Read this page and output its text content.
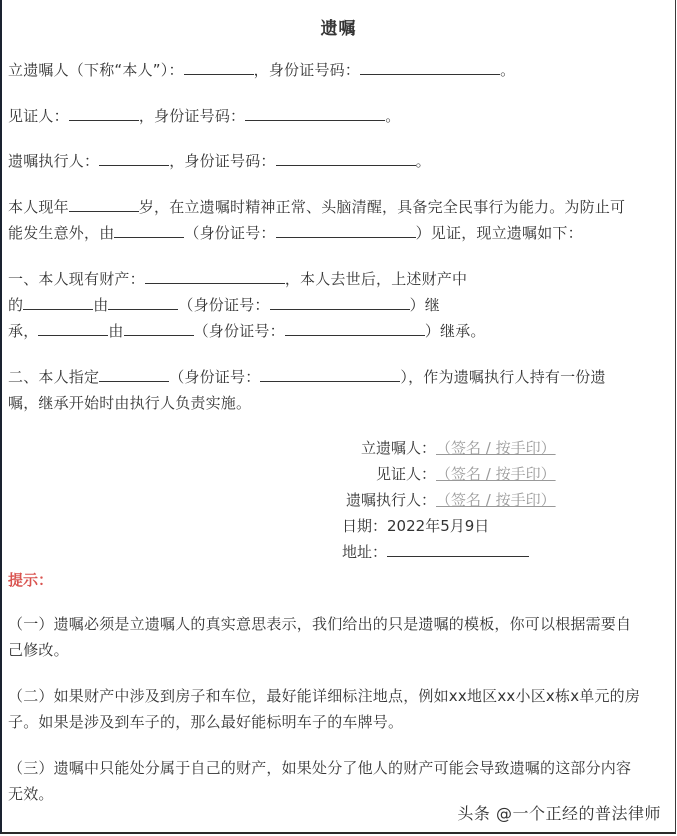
遗嘱
立遗嘱人（下称“本人”）：	，身份证号码：	。
见证人：	，身份证号码：	。
遗嘱执行人：	，身份证号码：	。
本人现年	岁，在立遗嘱时精神正常、头脑清醒，具备完全民事行为能力。为防止可
能发生意外，由	（身份证号：	）见证，现立遗嘱如下：
一、本人现有财产：	，本人去世后，上述财产中
的	由	（身份证号：	）继
承，	由	（身份证号：	）继承。
二、本人指定	（身份证号：	），作为遗嘱执行人持有一份遗
嘱，继承开始时由执行人负责实施。
立遗嘱人：（签名 / 按手印）
见证人：（签名 / 按手印）
遗嘱执行人：（签名 / 按手印）
日期：2022年5月9日
地址：
提示：
（一）遗嘱必须是立遗嘱人的真实意思表示，我们给出的只是遗嘱的模板，你可以根据需要自
己修改。
（二）如果财产中涉及到房子和车位，最好能详细标注地点，例如xx地区xx小区x栋x单元的房
子。如果是涉及到车子的，那么最好能标明车子的车牌号。
（三）遗嘱中只能处分属于自己的财产，如果处分了他人的财产可能会导致遗嘱的这部分内容
无效。
头条 @一个正经的普法律师
